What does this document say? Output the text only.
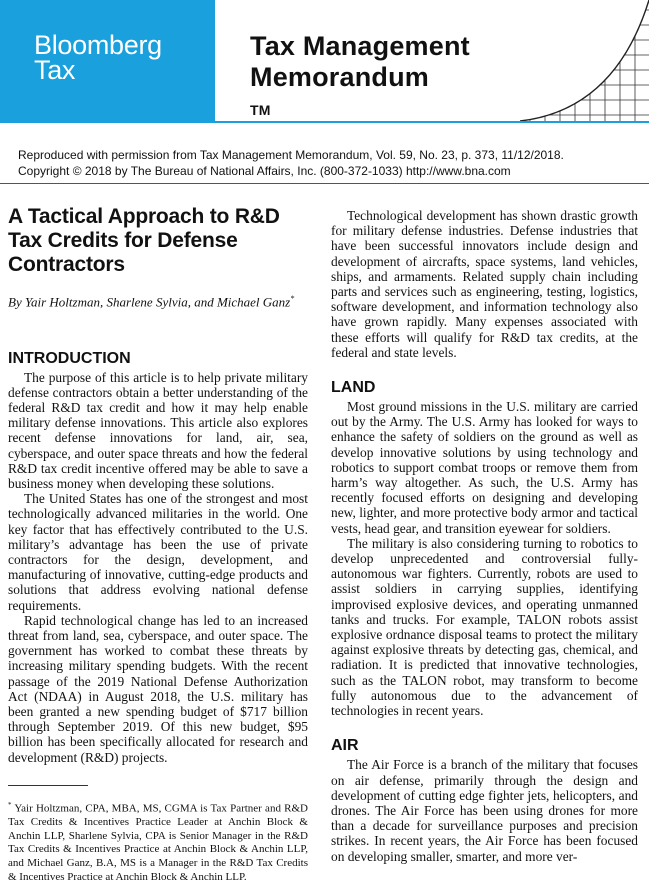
Bloomberg
Tax
Tax Management
Memorandum
TM
Reproduced with permission from Tax Management Memorandum, Vol. 59, No. 23, p. 373, 11/12/2018.
Copyright © 2018 by The Bureau of National Affairs, Inc. (800-372-1033) http://www.bna.com
A Tactical Approach to R&D Tax Credits for Defense Contractors
By Yair Holtzman, Sharlene Sylvia, and Michael Ganz*
INTRODUCTION

The purpose of this article is to help private military defense contractors obtain a better understanding of the federal R&D tax credit and how it may help enable military defense innovations. This article also explores recent defense innovations for land, air, sea, cyberspace, and outer space threats and how the federal R&D tax credit incentive offered may be able to save a business money when developing these solutions.

The United States has one of the strongest and most technologically advanced militaries in the world. One key factor that has effectively contributed to the U.S. military’s advantage has been the use of private contractors for the design, development, and manufacturing of innovative, cutting-edge products and solutions that address evolving national defense requirements.

Rapid technological change has led to an increased threat from land, sea, cyberspace, and outer space. The government has worked to combat these threats by increasing military spending budgets. With the recent passage of the 2019 National Defense Authorization Act (NDAA) in August 2018, the U.S. military has been granted a new spending budget of $717 billion through September 2019. Of this new budget, $95 billion has been specifically allocated for research and development (R&D) projects.

* Yair Holtzman, CPA, MBA, MS, CGMA is Tax Partner and R&D Tax Credits & Incentives Practice Leader at Anchin Block & Anchin LLP, Sharlene Sylvia, CPA is Senior Manager in the R&D Tax Credits & Incentives Practice at Anchin Block & Anchin LLP, and Michael Ganz, B.A, MS is a Manager in the R&D Tax Credits & Incentives Practice at Anchin Block & Anchin LLP.

Technological development has shown drastic growth for military defense industries. Defense industries that have been successful innovators include design and development of aircrafts, space systems, land vehicles, ships, and armaments. Related supply chain including parts and services such as engineering, testing, logistics, software development, and information technology also have grown rapidly. Many expenses associated with these efforts will qualify for R&D tax credits, at the federal and state levels.

LAND

Most ground missions in the U.S. military are carried out by the Army. The U.S. Army has looked for ways to enhance the safety of soldiers on the ground as well as develop innovative solutions by using technology and robotics to support combat troops or remove them from harm’s way altogether. As such, the U.S. Army has recently focused efforts on designing and developing new, lighter, and more protective body armor and tactical vests, head gear, and transition eyewear for soldiers.

The military is also considering turning to robotics to develop unprecedented and controversial fully-autonomous war fighters. Currently, robots are used to assist soldiers in carrying supplies, identifying improvised explosive devices, and operating unmanned tanks and trucks. For example, TALON robots assist explosive ordnance disposal teams to protect the military against explosive threats by detecting gas, chemical, and radiation. It is predicted that innovative technologies, such as the TALON robot, may transform to become fully autonomous due to the advancement of technologies in recent years.

AIR

The Air Force is a branch of the military that focuses on air defense, primarily through the design and development of cutting edge fighter jets, helicopters, and drones. The Air Force has been using drones for more than a decade for surveillance purposes and precision strikes. In recent years, the Air Force has been focused on developing smaller, smarter, and more ver-
